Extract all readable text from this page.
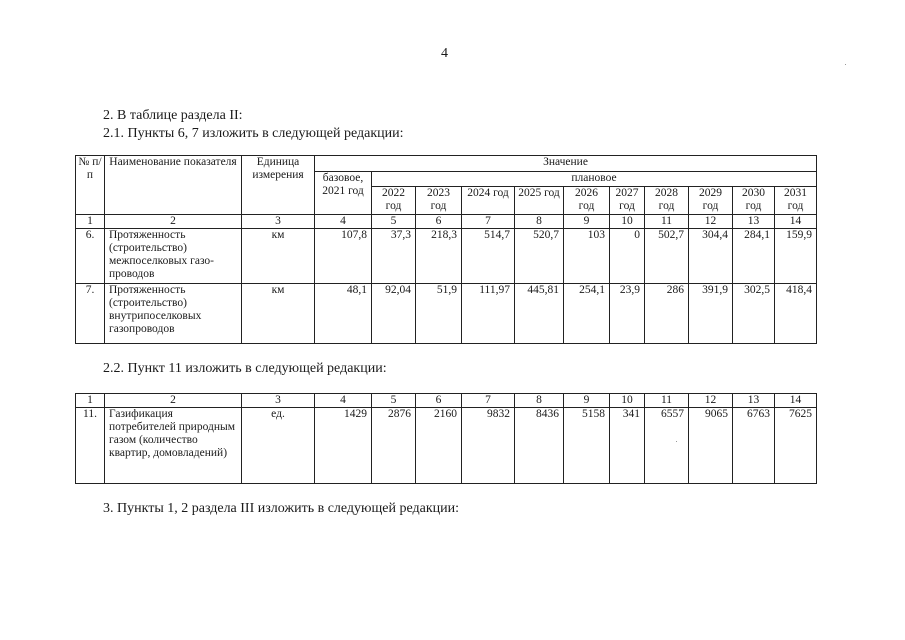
4
2. В таблице раздела II:
2.1. Пункты 6, 7 изложить в следующей редакции:
№ п/п	Наименование показателя	Единица измерения	Значение										
			базовое, 2021 год	плановое									
				2022 год	2023 год	2024 год	2025 год	2026 год	2027 год	2028 год	2029 год	2030 год	2031 год
1	2	3	4	5	6	7	8	9	10	11	12	13	14
6.	Протяженность (строительство) межпоселковых газо-проводов	км	107,8	37,3	218,3	514,7	520,7	103	0	502,7	304,4	284,1	159,9
7.	Протяженность (строительство) внутрипоселковых газопроводов	км	48,1	92,04	51,9	111,97	445,81	254,1	23,9	286	391,9	302,5	418,4
2.2. Пункт 11 изложить в следующей редакции:
1	2	3	4	5	6	7	8	9	10	11	12	13	14
11.	Газификация потребителей природным газом (количество квартир, домовладений)	ед.	1429	2876	2160	9832	8436	5158	341	6557	9065	6763	7625
3. Пункты 1, 2 раздела III изложить в следующей редакции:
